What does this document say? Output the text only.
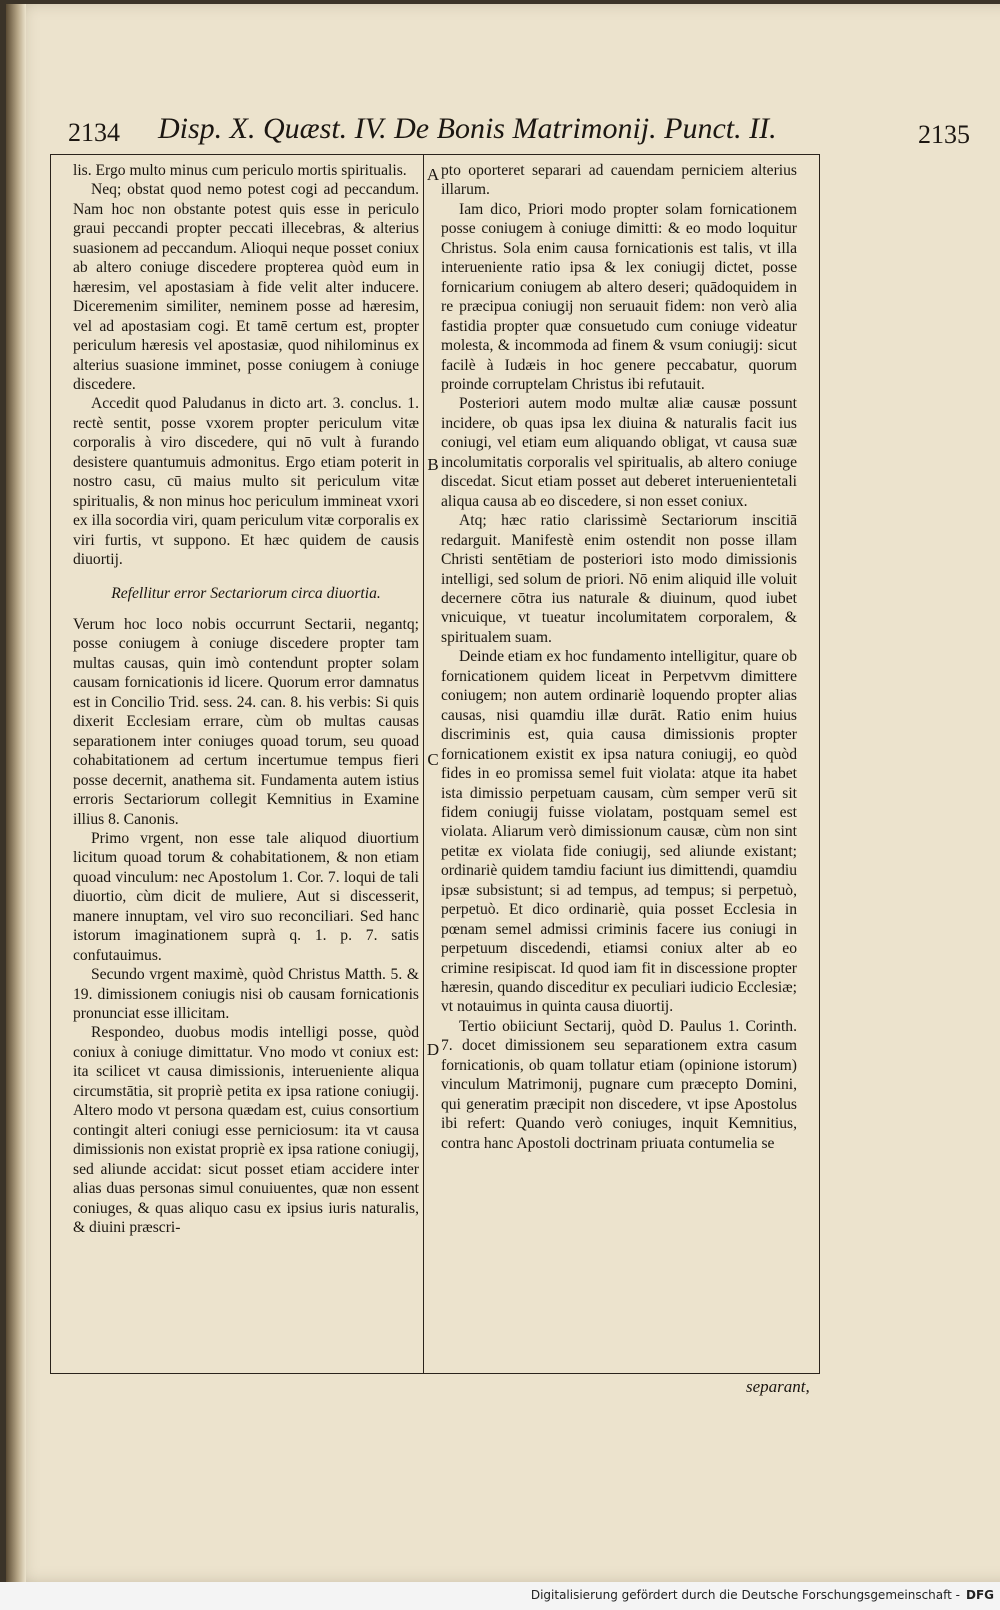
2134 Disp. X. Quæst. IV. De Bonis Matrimonij. Punct. II.	2135

lis. Ergo multo minus cum periculo mortis spiritualis.

Neq; obstat quod nemo potest cogi ad peccandum. Nam hoc non obstante potest quis esse in periculo graui peccandi propter peccati illecebras, & alterius suasionem ad peccandum. Alioqui neque posset coniux ab altero coniuge discedere propterea quòd eum in hæresim, vel apostasiam à fide velit alter inducere. Diceremenim similiter, neminem posse ad hæresim, vel ad apostasiam cogi. Et tamē certum est, propter periculum hæresis vel apostasiæ, quod nihilominus ex alterius suasione imminet, posse coniugem à coniuge discedere.

Accedit quod Paludanus in dicto art. 3. conclus. 1. rectè sentit, posse vxorem propter periculum vitæ corporalis à viro discedere, qui nō vult à furando desistere quantumuis admonitus. Ergo etiam poterit in nostro casu, cū maius multo sit periculum vitæ spiritualis, & non minus hoc periculum immineat vxori ex illa socordia viri, quam periculum vitæ corporalis ex viri furtis, vt suppono. Et hæc quidem de causis diuortij.

Refellitur error Sectariorum circa diuortia.

Verum hoc loco nobis occurrunt Sectarii, negantq; posse coniugem à coniuge discedere propter tam multas causas, quin imò contendunt propter solam causam fornicationis id licere. Quorum error damnatus est in Concilio Trid. sess. 24. can. 8. his verbis: Si quis dixerit Ecclesiam errare, cùm ob multas causas separationem inter coniuges quoad torum, seu quoad cohabitationem ad certum incertumue tempus fieri posse decernit, anathema sit. Fundamenta autem istius erroris Sectariorum collegit Kemnitius in Examine illius 8. Canonis.

Primo vrgent, non esse tale aliquod diuortium licitum quoad torum & cohabitationem, & non etiam quoad vinculum: nec Apostolum 1. Cor. 7. loqui de tali diuortio, cùm dicit de muliere, Aut si discesserit, manere innuptam, vel viro suo reconciliari. Sed hanc istorum imaginationem suprà q. 1. p. 7. satis confutauimus.

Secundo vrgent maximè, quòd Christus Matth. 5. & 19. dimissionem coniugis nisi ob causam fornicationis pronunciat esse illicitam.

Respondeo, duobus modis intelligi posse, quòd coniux à coniuge dimittatur. Vno modo vt coniux est: ita scilicet vt causa dimissionis, interueniente aliqua circumstātia, sit propriè petita ex ipsa ratione coniugij. Altero modo vt persona quædam est, cuius consortium contingit alteri coniugi esse perniciosum: ita vt causa dimissionis non existat propriè ex ipsa ratione coniugij, sed aliunde accidat: sicut posset etiam accidere inter alias duas personas simul conuiuentes, quæ non essent coniuges, & quas aliquo casu ex ipsius iuris naturalis, & diuini præscri-

A
B
C
D

pto oporteret separari ad cauendam perniciem alterius illarum.

Iam dico, Priori modo propter solam fornicationem posse coniugem à coniuge dimitti: & eo modo loquitur Christus. Sola enim causa fornicationis est talis, vt illa interueniente ratio ipsa & lex coniugij dictet, posse fornicarium coniugem ab altero deseri; quādoquidem in re præcipua coniugij non seruauit fidem: non verò alia fastidia propter quæ consuetudo cum coniuge videatur molesta, & incommoda ad finem & vsum coniugij: sicut facilè à Iudæis in hoc genere peccabatur, quorum proinde corruptelam Christus ibi refutauit.

Posteriori autem modo multæ aliæ causæ possunt incidere, ob quas ipsa lex diuina & naturalis facit ius coniugi, vel etiam eum aliquando obligat, vt causa suæ incolumitatis corporalis vel spiritualis, ab altero coniuge discedat. Sicut etiam posset aut deberet interuenientetali aliqua causa ab eo discedere, si non esset coniux.

Atq; hæc ratio clarissimè Sectariorum inscitiā redarguit. Manifestè enim ostendit non posse illam Christi sentētiam de posteriori isto modo dimissionis intelligi, sed solum de priori. Nō enim aliquid ille voluit decernere cōtra ius naturale & diuinum, quod iubet vnicuique, vt tueatur incolumitatem corporalem, & spiritualem suam.

Deinde etiam ex hoc fundamento intelligitur, quare ob fornicationem quidem liceat in Perpetvvm dimittere coniugem; non autem ordinariè loquendo propter alias causas, nisi quamdiu illæ durāt. Ratio enim huius discriminis est, quia causa dimissionis propter fornicationem existit ex ipsa natura coniugij, eo quòd fides in eo promissa semel fuit violata: atque ita habet ista dimissio perpetuam causam, cùm semper verū sit fidem coniugij fuisse violatam, postquam semel est violata. Aliarum verò dimissionum causæ, cùm non sint petitæ ex violata fide coniugij, sed aliunde existant; ordinariè quidem tamdiu faciunt ius dimittendi, quamdiu ipsæ subsistunt; si ad tempus, ad tempus; si perpetuò, perpetuò. Et dico ordinariè, quia posset Ecclesia in pœnam semel admissi criminis facere ius coniugi in perpetuum discedendi, etiamsi coniux alter ab eo crimine resipiscat. Id quod iam fit in discessione propter hæresin, quando disceditur ex peculiari iudicio Ecclesiæ; vt notauimus in quinta causa diuortij.

Tertio obiiciunt Sectarij, quòd D. Paulus 1. Corinth. 7. docet dimissionem seu separationem extra casum fornicationis, ob quam tollatur etiam (opinione istorum) vinculum Matrimonij, pugnare cum præcepto Domini, qui generatim præcipit non discedere, vt ipse Apostolus ibi refert: Quando verò coniuges, inquit Kemnitius, contra hanc Apostoli doctrinam priuata contumelia se

separant,
Digitalisierung gefördert durch die Deutsche Forschungsgemeinschaft - DFG
